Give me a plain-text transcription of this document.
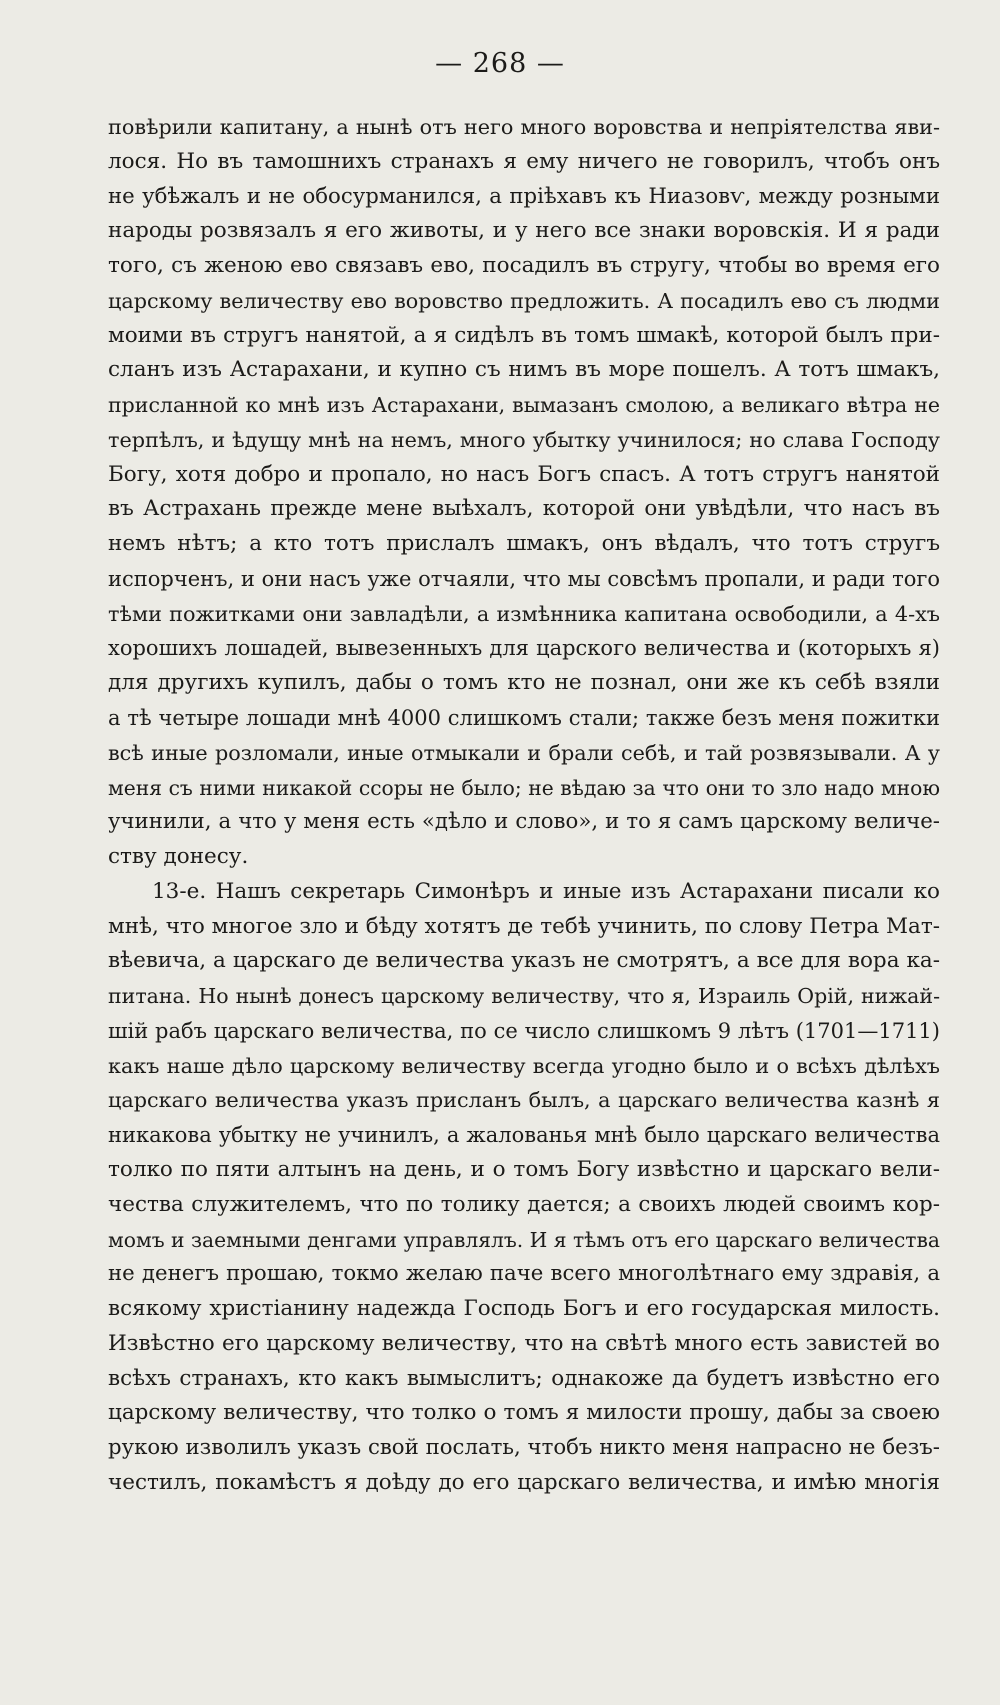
— 268 —
повѣрили капитану, а нынѣ отъ него много воровства и непріятелства яви-
лося. Но въ тамошнихъ странахъ я ему ничего не говорилъ, чтобъ онъ
не убѣжалъ и не обосурманился, а пріѣхавъ къ Ниазовѵ, между розными
народы розвязалъ я его животы, и у него все знаки воровскія. И я ради
того, съ женою ево связавъ ево, посадилъ въ стругу, чтобы во время его
царскому величеству ево воровство предложить. А посадилъ ево съ людми
моими въ стругъ нанятой, а я сидѣлъ въ томъ шмакѣ, которой былъ при-
сланъ изъ Астарахани, и купно съ нимъ въ море пошелъ. А тотъ шмакъ,
присланной ко мнѣ изъ Астарахани, вымазанъ смолою, а великаго вѣтра не
терпѣлъ, и ѣдущу мнѣ на немъ, много убытку учинилося; но слава Господу
Богу, хотя добро и пропало, но насъ Богъ спасъ. А тотъ стругъ нанятой
въ Астрахань прежде мене выѣхалъ, которой они увѣдѣли, что насъ въ
немъ нѣтъ; а кто тотъ прислалъ шмакъ, онъ вѣдалъ, что тотъ стругъ
испорченъ, и они насъ уже отчаяли, что мы совсѣмъ пропали, и ради того
тѣми пожитками они завладѣли, а измѣнника капитана освободили, а 4-хъ
хорошихъ лошадей, вывезенныхъ для царского величества и (которыхъ я)
для другихъ купилъ, дабы о томъ кто не познал, они же къ себѣ взяли
а тѣ четыре лошади мнѣ 4000 слишкомъ стали; также безъ меня пожитки
всѣ иные розломали, иные отмыкали и брали себѣ, и тай розвязывали. А у
меня съ ними никакой ссоры не было; не вѣдаю за что они то зло надо мною
учинили, а что у меня есть «дѣло и слово», и то я самъ царскому величе-
ству донесу.
13-е. Нашъ секретарь Симонѣръ и иные изъ Астарахани писали ко
мнѣ, что многое зло и бѣду хотятъ де тебѣ учинить, по слову Петра Мат-
вѣевича, а царскаго де величества указъ не смотрятъ, а все для вора ка-
питана. Но нынѣ донесъ царскому величеству, что я, Израиль Орій, нижай-
шій рабъ царскаго величества, по се число слишкомъ 9 лѣтъ (1701—1711)
какъ наше дѣло царскому величеству всегда угодно было и о всѣхъ дѣлѣхъ
царскаго величества указъ присланъ былъ, а царскаго величества казнѣ я
никакова убытку не учинилъ, а жалованья мнѣ было царскаго величества
толко по пяти алтынъ на день, и о томъ Богу извѣстно и царскаго вели-
чества служителемъ, что по толику дается; а своихъ людей своимъ кор-
момъ и заемными денгами управлялъ. И я тѣмъ отъ его царскаго величества
не денегъ прошаю, токмо желаю паче всего многолѣтнаго ему здравія, а
всякому христіанину надежда Господь Богъ и его государская милость.
Извѣстно его царскому величеству, что на свѣтѣ много есть завистей во
всѣхъ странахъ, кто какъ вымыслитъ; однакоже да будетъ извѣстно его
царскому величеству, что толко о томъ я милости прошу, дабы за своею
рукою изволилъ указъ свой послать, чтобъ никто меня напрасно не безъ-
честилъ, покамѣстъ я доѣду до его царскаго величества, и имѣю многія
